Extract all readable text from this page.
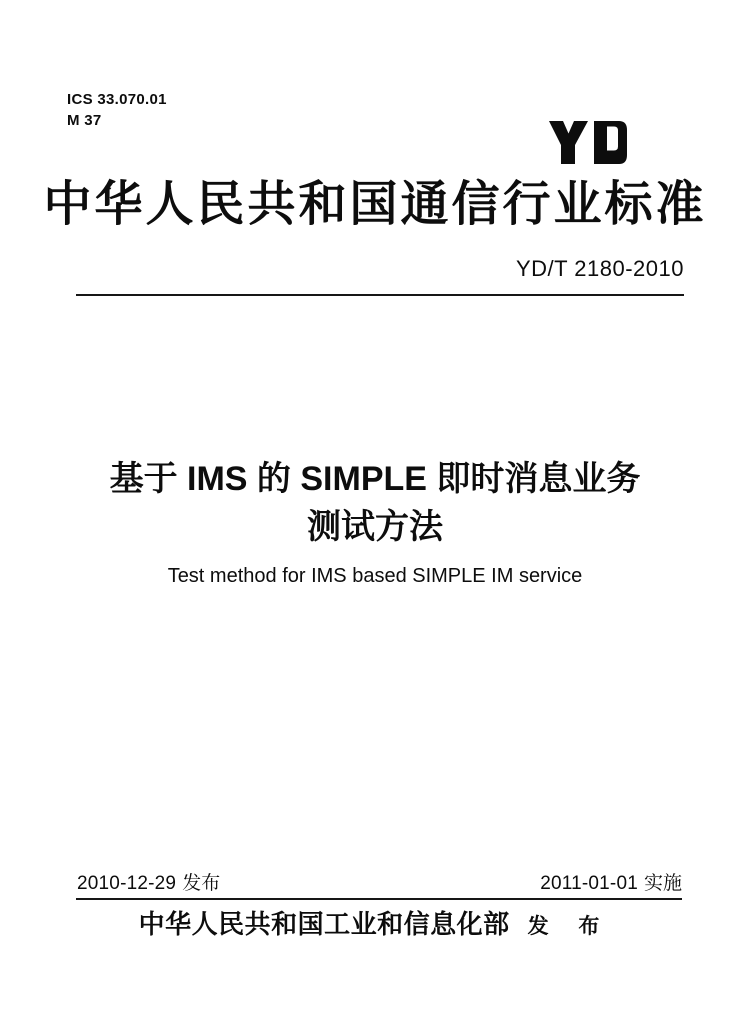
ICS 33.070.01
M 37
中华人民共和国通信行业标准
YD/T 2180-2010
基于 IMS 的 SIMPLE 即时消息业务
测试方法
Test method for IMS based SIMPLE IM service
2010-12-29 发布	2011-01-01 实施
中华人民共和国工业和信息化部 发 布
